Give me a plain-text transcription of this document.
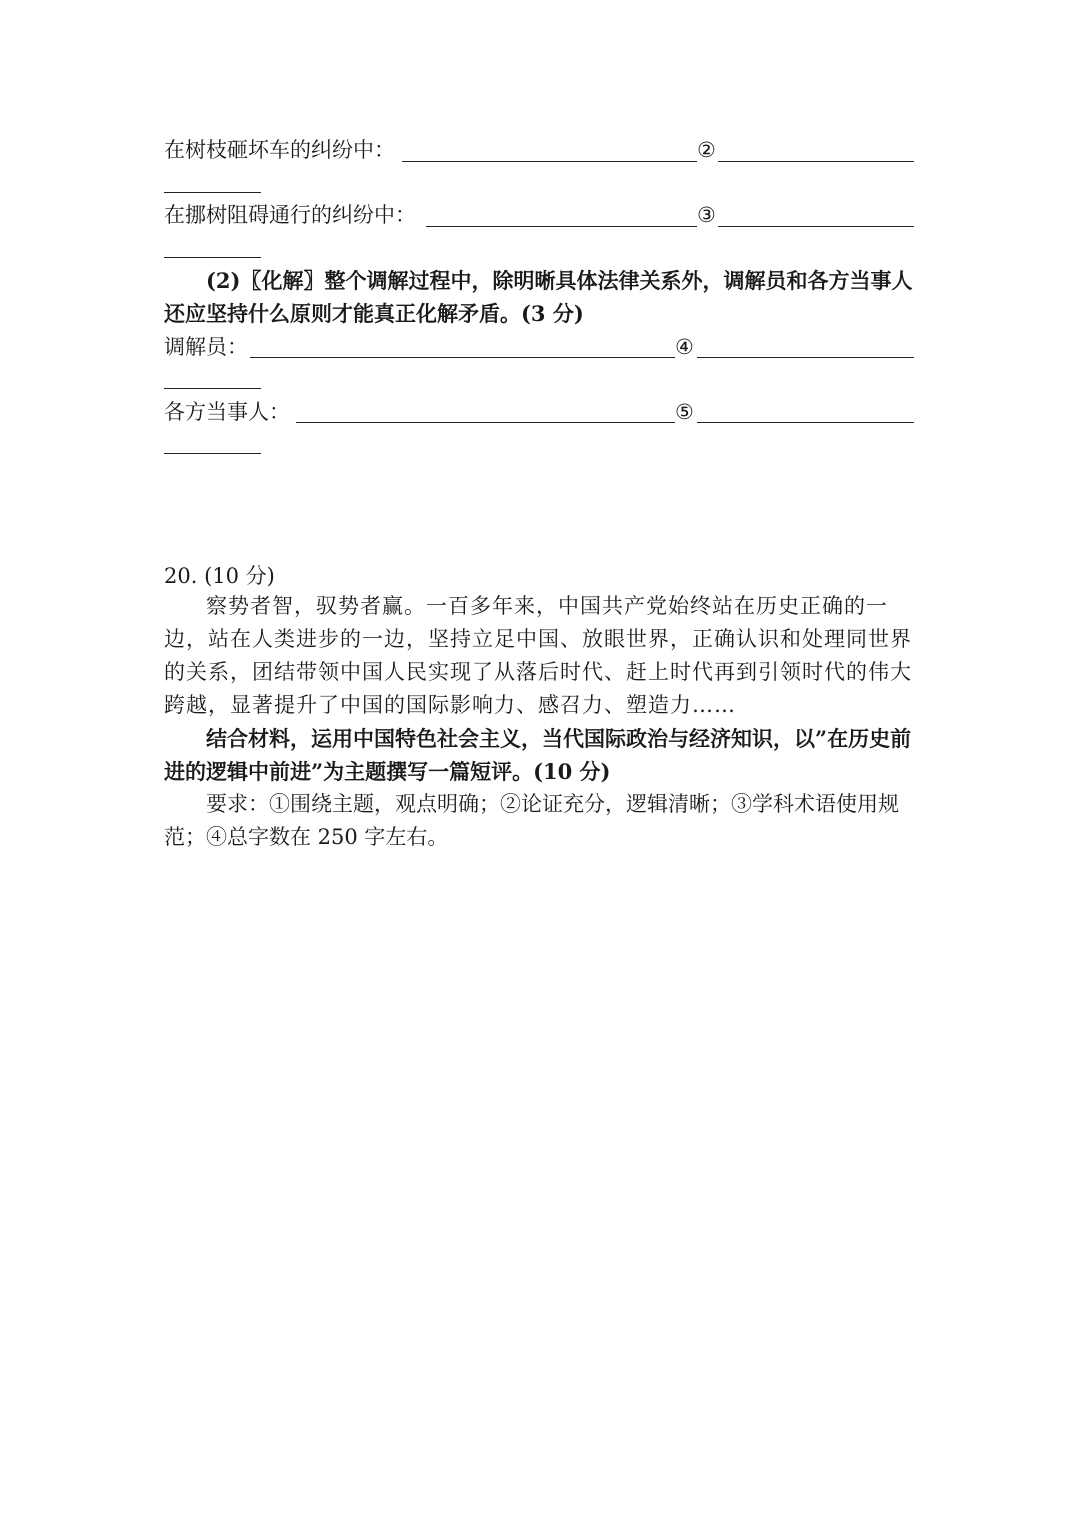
在树枝砸坏车的纠纷中：	②
在挪树阻碍通行的纠纷中：	③
(2)〖化解〗整个调解过程中，除明晰具体法律关系外，调解员和各方当事人还应坚持什么原则才能真正化解矛盾。(3 分)
调解员：	④
各方当事人：	⑤
20. (10 分)
察势者智，驭势者赢。一百多年来，中国共产党始终站在历史正确的一边，站在人类进步的一边，坚持立足中国、放眼世界，正确认识和处理同世界的关系，团结带领中国人民实现了从落后时代、赶上时代再到引领时代的伟大跨越，显著提升了中国的国际影响力、感召力、塑造力……
结合材料，运用中国特色社会主义，当代国际政治与经济知识，以”在历史前进的逻辑中前进”为主题撰写一篇短评。(10 分)
要求：①围绕主题，观点明确；②论证充分，逻辑清晰；③学科术语使用规范；④总字数在 250 字左右。
